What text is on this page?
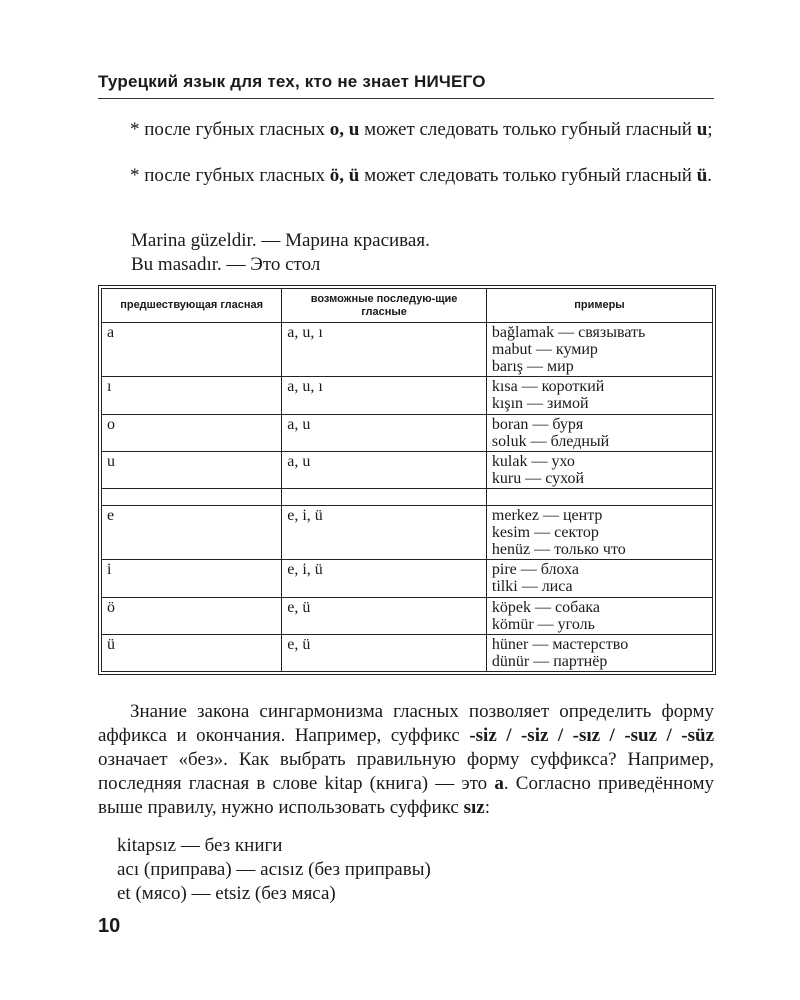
Турецкий язык для тех, кто не знает НИЧЕГО
* после губных гласных o, u может следовать только губный гласный u;
* после губных гласных ö, ü может следовать только губный гласный ü.
Marina güzeldir. — Марина красивая.
Bu masadır. — Это стол
предшествующая гласная	возможные последую-щие гласные	примеры
a	a, u, ı	bağlamak — связывать
mabut — кумир
barış — мир

ı	a, u, ı	kısa — короткий
kışın — зимой

o	a, u	boran — буря
soluk — бледный

u	a, u	kulak — ухо
kuru — сухой

e	e, i, ü	merkez — центр
kesim — сектор
henüz — только что

i	e, i, ü	pire — блоха
tilki — лиса

ö	e, ü	köpek — собака
kömür — уголь

ü	e, ü	hüner — мастерство
dünür — партнёр
Знание закона сингармонизма гласных позволяет определить форму аффикса и окончания. Например, суффикс -siz / -siz / -sız / -suz / -süz означает «без». Как выбрать правильную форму суффикса? Например, последняя гласная в слове kitap (книга) — это a. Согласно приведённому выше правилу, нужно использовать суффикс sız:
kitapsız — без книги
acı (приправа) — acısız (без приправы)
et (мясо) — etsiz (без мяса)
10
